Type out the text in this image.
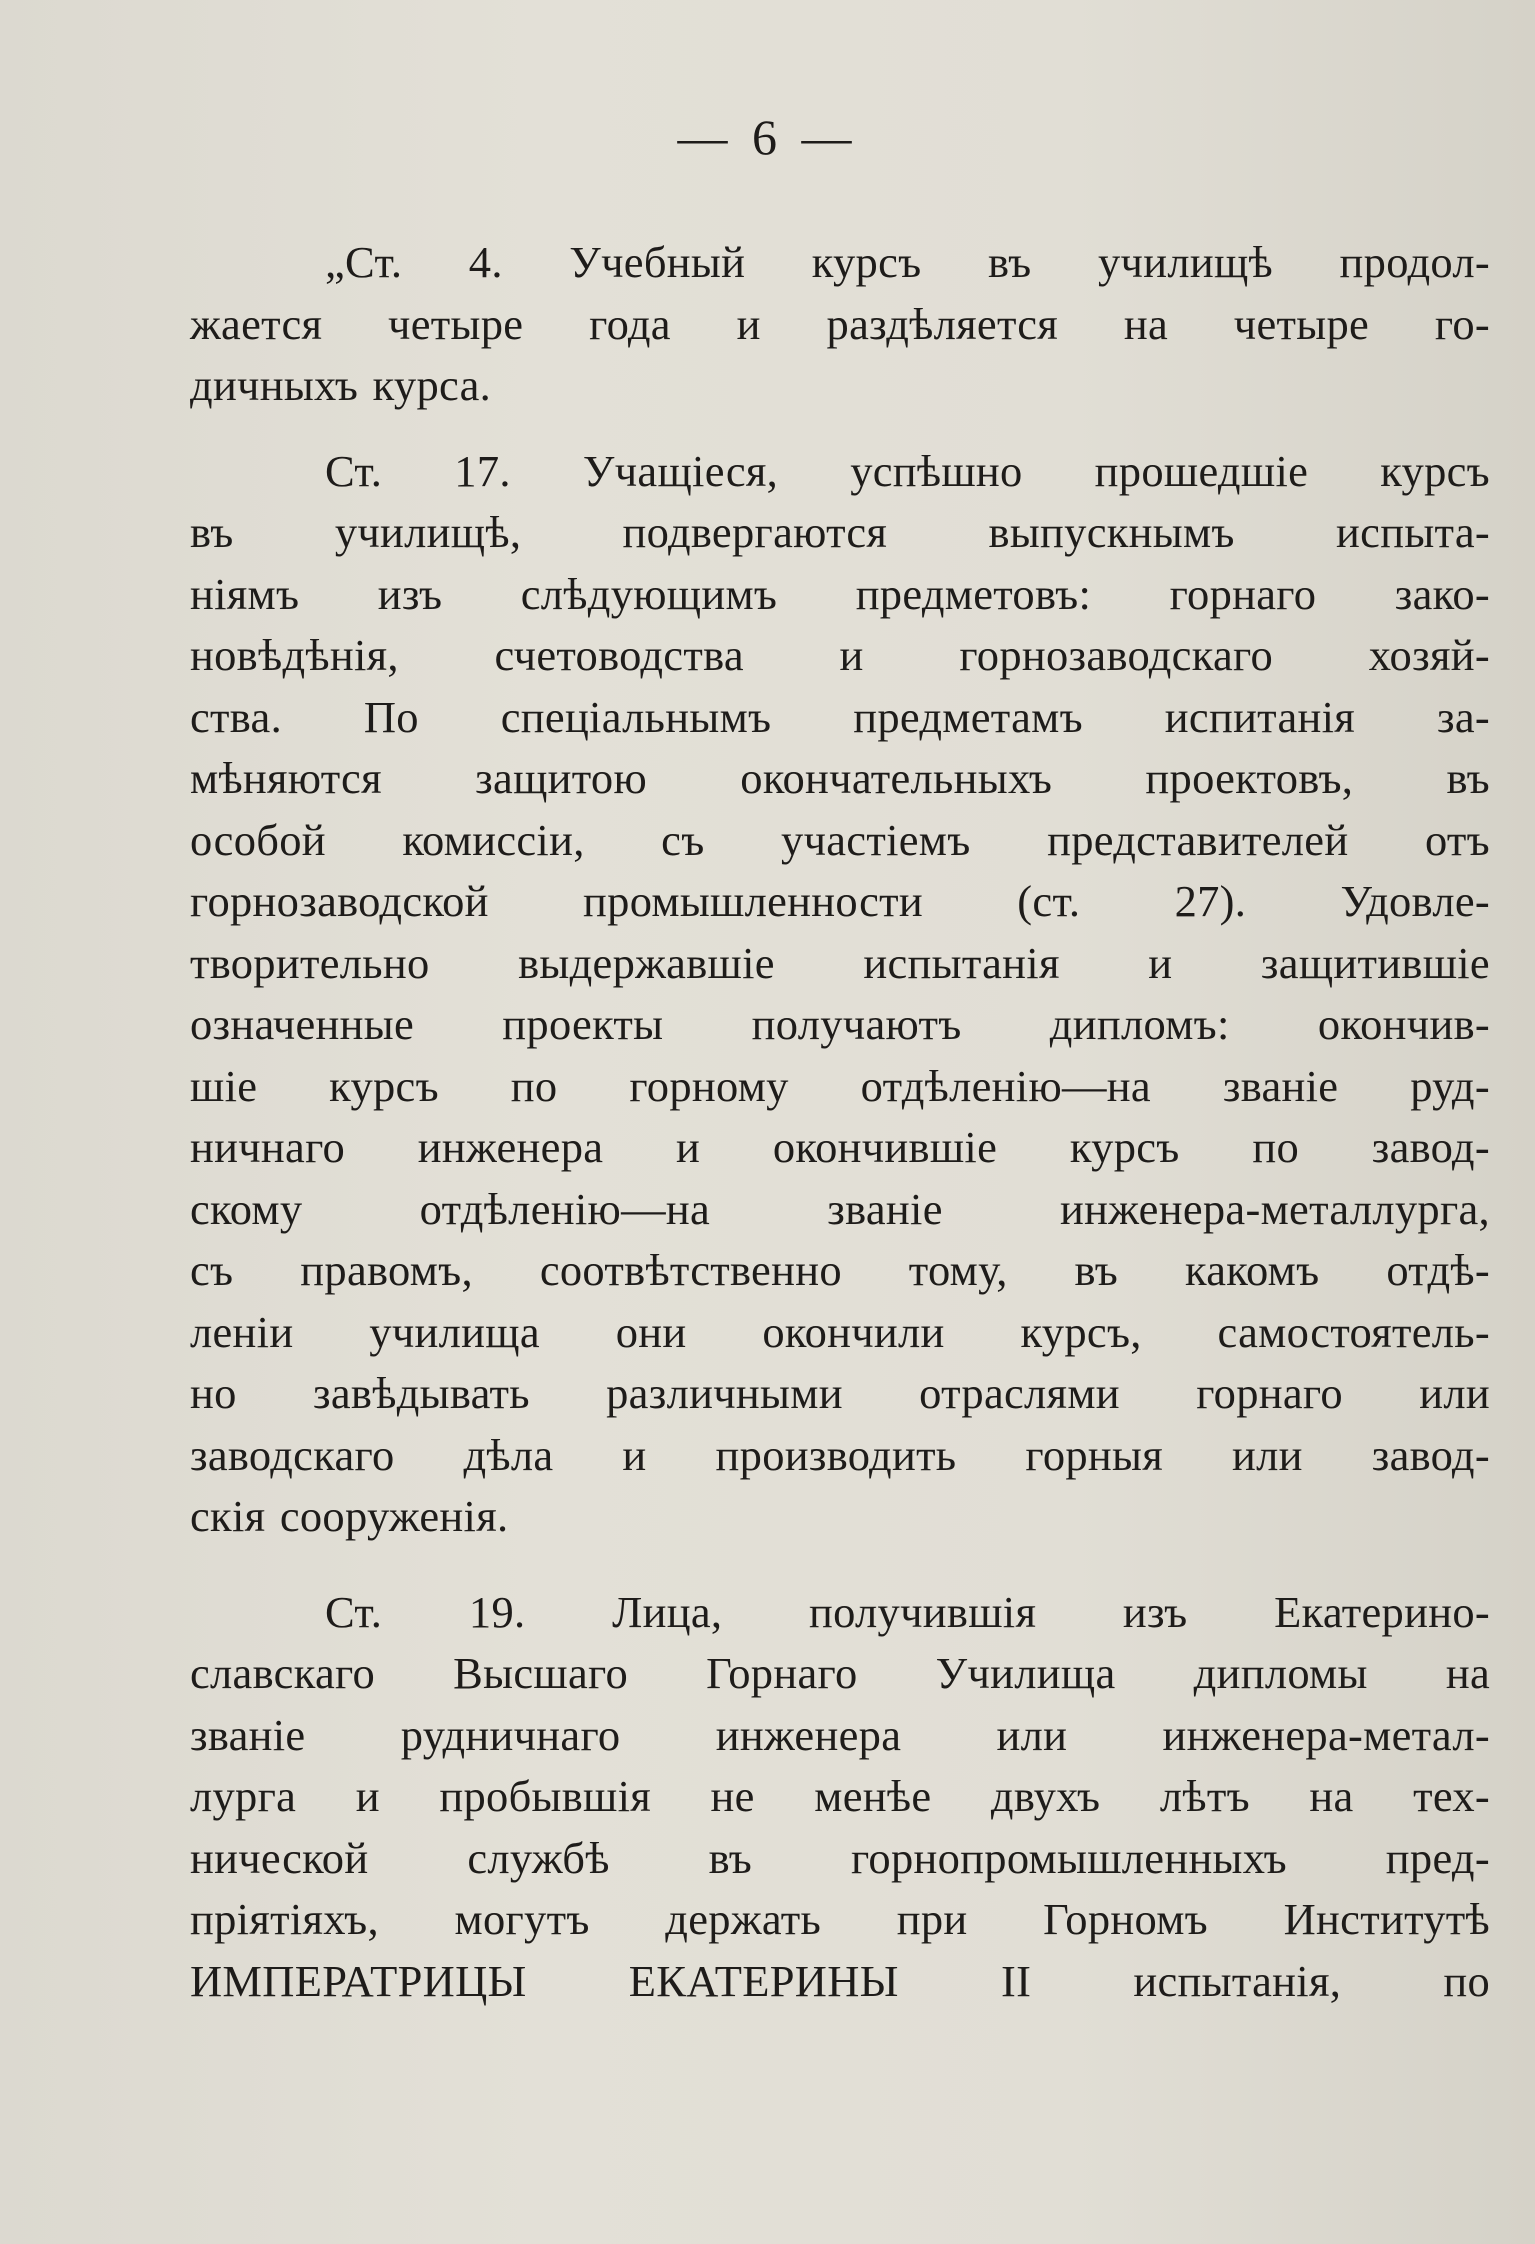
— 6 —
„Ст. 4. Учебный курсъ въ училищѣ продол-
жается четыре года и раздѣляется на четыре го-
дичныхъ курса.
Ст. 17. Учащіеся, успѣшно прошедшіе курсъ
въ училищѣ, подвергаются выпускнымъ испыта-
ніямъ изъ слѣдующимъ предметовъ: горнаго зако-
новѣдѣнія, счетоводства и горнозаводскаго хозяй-
ства. По спеціальнымъ предметамъ испитанія за-
мѣняются защитою окончательныхъ проектовъ, въ
особой комиссіи, съ участіемъ представителей отъ
горнозаводской промышленности (ст. 27). Удовле-
творительно выдержавшіе испытанія и защитившіе
означенные проекты получаютъ дипломъ: окончив-
шіе курсъ по горному отдѣленію—на званіе руд-
ничнаго инженера и окончившіе курсъ по завод-
скому отдѣленію—на званіе инженера-металлурга,
съ правомъ, соотвѣтственно тому, въ какомъ отдѣ-
леніи училища они окончили курсъ, самостоятель-
но завѣдывать различными отраслями горнаго или
заводскаго дѣла и производить горныя или завод-
скія сооруженія.
Ст. 19. Лица, получившія изъ Екатерино-
славскаго Высшаго Горнаго Училища дипломы на
званіе рудничнаго инженера или инженера-метал-
лурга и пробывшія не менѣе двухъ лѣтъ на тех-
нической службѣ въ горнопромышленныхъ пред-
пріятіяхъ, могутъ держать при Горномъ Институтѣ
ИМПЕРАТРИЦЫ ЕКАТЕРИНЫ II испытанія, по
